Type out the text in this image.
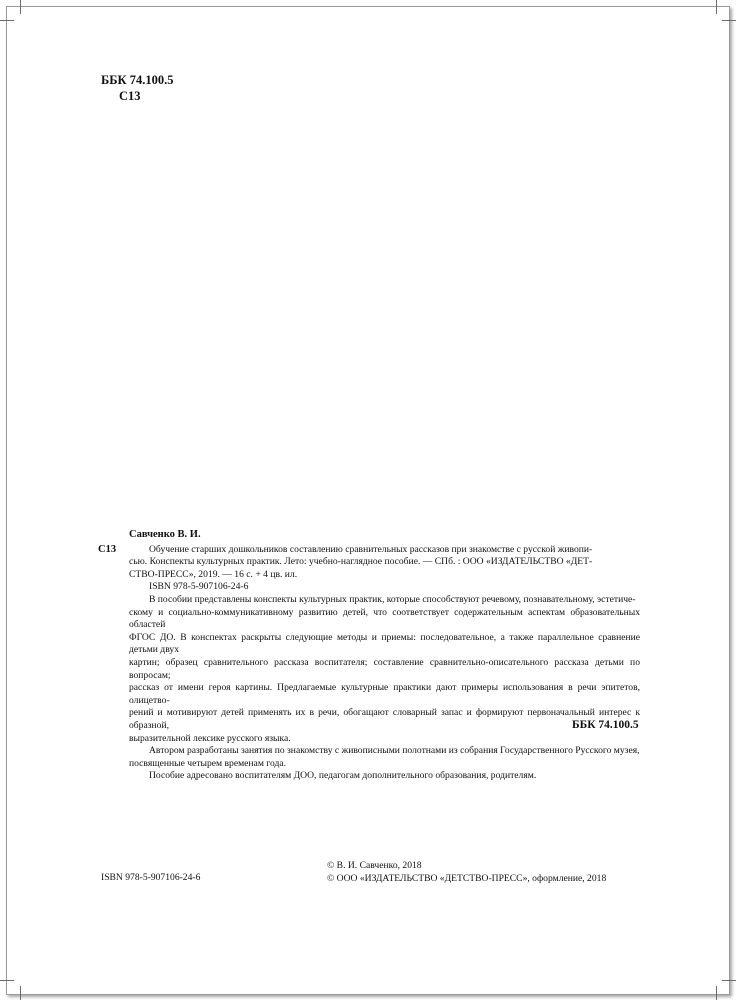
ББК 74.100.5
С13
Савченко В. И.
С13	Обучение старших дошкольников составлению сравнительных рассказов при знакомстве с русской живопи-
сью. Конспекты культурных практик. Лето: учебно-наглядное пособие. — СПб. : ООО «ИЗДАТЕЛЬСТВО «ДЕТ-
СТВО-ПРЕСС», 2019. — 16 с. + 4 цв. ил.
ISBN 978-5-907106-24-6
В пособии представлены конспекты культурных практик, которые способствуют речевому, познавательному, эстетиче-
скому и социально-коммуникативному развитию детей, что соответствует содержательным аспектам образовательных областей
ФГОС ДО. В конспектах раскрыты следующие методы и приемы: последовательное, а также параллельное сравнение детьми двух
картин; образец сравнительного рассказа воспитателя; составление сравнительно-описательного рассказа детьми по вопросам;
рассказ от имени героя картины. Предлагаемые культурные практики дают примеры использования в речи эпитетов, олицетво-
рений и мотивируют детей применять их в речи, обогащают словарный запас и формируют первоначальный интерес к образной,
выразительной лексике русского языка.
Автором разработаны занятия по знакомству с живописными полотнами из собрания Государственного Русского музея,
посвященные четырем временам года.
Пособие адресовано воспитателям ДОО, педагогам дополнительного образования, родителям.
ББК 74.100.5
ISBN 978-5-907106-24-6
© В. И. Савченко, 2018
© ООО «ИЗДАТЕЛЬСТВО «ДЕТСТВО-ПРЕСС», оформление, 2018
